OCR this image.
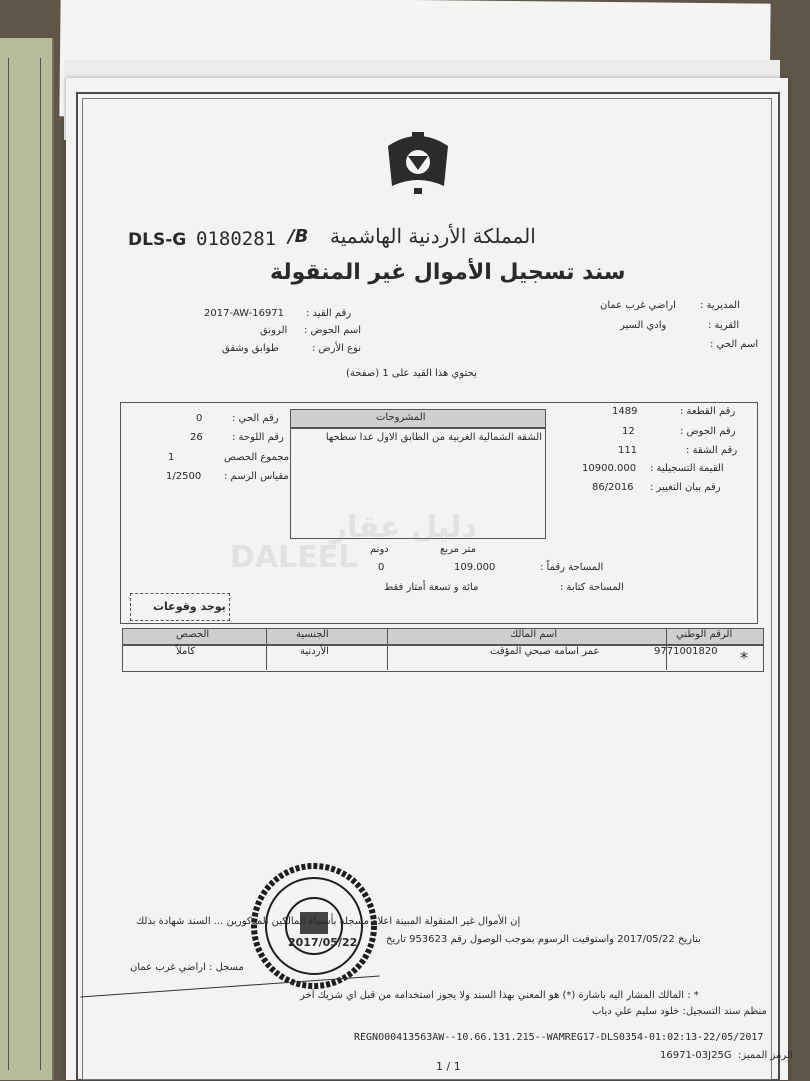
DLS-G 0180281 /B المملكة الأردنية الهاشمية
سند تسجيل الأموال غير المنقولة
رقم القيد :
2017-AW-16971
اسم الحوض :
الرونق
نوع الأرض :
طوابق وشقق
المديرية :
اراضي غرب عمان
القرية :
وادي السير
اسم الحي :
يحتوي هذا القيد على 1 (صفحة)
المشروحات
الشقة الشمالية الغربية من الطابق الاول عدا سطحها
رقم القطعة :
1489
رقم الحوض :
12
رقم الشقة :
111
القيمة التسجيلية :
10900.000
رقم بيان التغيير :
86/2016
رقم الحي :
0
رقم اللوحة :
26
مجموع الحصص
1
مقياس الرسم :
1/2500
متر مربع
دونم
المساحة رقماً :
109.000
0
المساحة كتابة :
مائة و تسعة أمتار فقط
يوجد وقوعات
الرقم الوطني
اسم المالك
الجنسية
الحصص
*
9771001820
عمر اسامه صبحي المؤقت
الأردنية
كاملاً
دليل عقار
DALEEL
2017/05/22
إن الأموال غير المنقولة المبينة اعلاه مسجلة بأسماء المالكين المذكورين ... السند شهادة بذلك
بتاريخ 2017/05/22 واستوفيت الرسوم بموجب الوصول رقم 953623 تاريخ
مسجل : اراضي غرب عمان
* : المالك المشار اليه باشارة (*) هو المعني بهذا السند ولا يجوز استخدامه من قبل اي شريك آخر
منظم سند التسجيل: خلود سليم علي دياب
REGNO00413563AW--10.66.131.215--WAMREG17-DLS0354-01:02:13-22/05/2017
الرمز المميز:
16971-03J25G
1 / 1
